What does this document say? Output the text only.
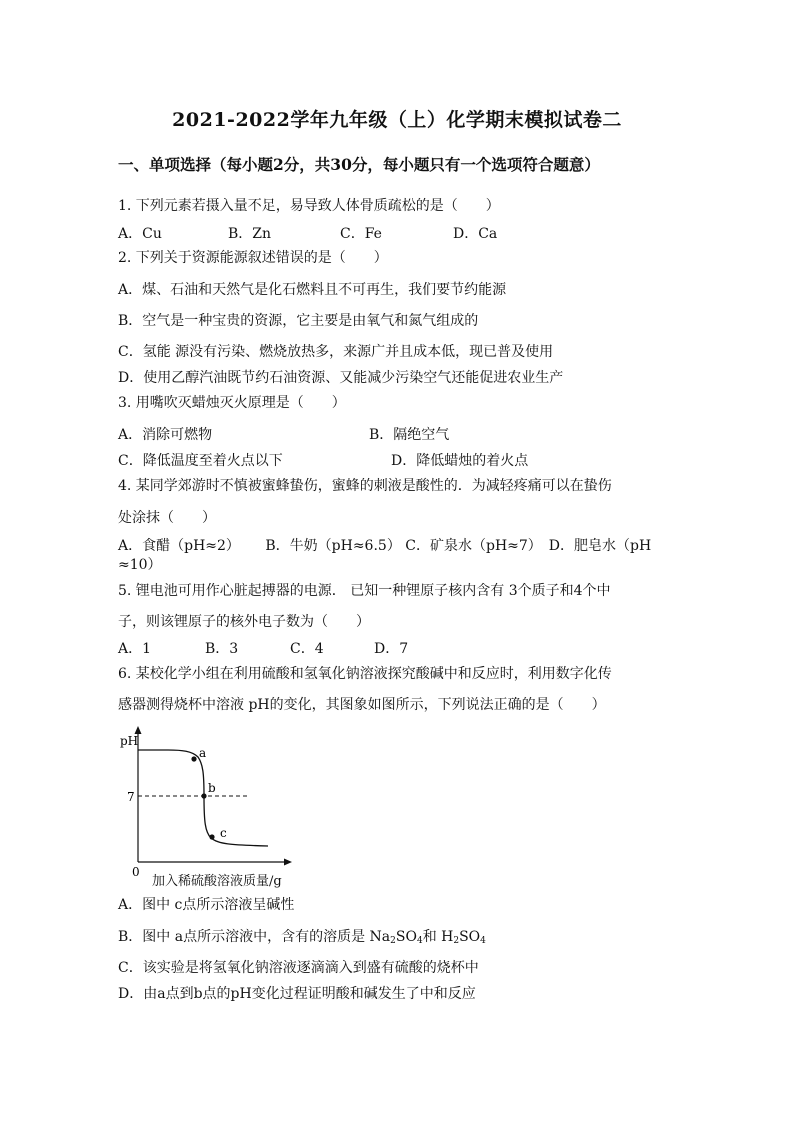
2021-2022学年九年级（上）化学期末模拟试卷二
一、单项选择（每小题2分，共30分，每小题只有一个选项符合题意）
1. 下列元素若摄入量不足，易导致人体骨质疏松的是（　　）
A．Cu	B．Zn	C．Fe	D．Ca
2. 下列关于资源能源叙述错误的是（　　）
A．煤、石油和天然气是化石燃料且不可再生，我们要节约能源
B．空气是一种宝贵的资源，它主要是由氧气和氮气组成的
C．氢能 源没有污染、燃烧放热多，来源广并且成本低，现已普及使用
D．使用乙醇汽油既节约石油资源、又能减少污染空气还能促进农业生产
3. 用嘴吹灭蜡烛灭火原理是（　　）
A．消除可燃物	B．隔绝空气
C．降低温度至着火点以下	D．降低蜡烛的着火点
4. 某同学郊游时不慎被蜜蜂蛰伤，蜜蜂的刺液是酸性的．为减轻疼痛可以在蛰伤
处涂抹（　　）
A．食醋（pH≈2）　　 B．牛奶（pH≈6.5） C．矿泉水（pH≈7）　D．肥皂水（pH
≈10）
5. 锂电池可用作心脏起搏器的电源． 已知一种锂原子核内含有 3个质子和4个中
子，则该锂原子的核外电子数为（　　）
A．1	B．3	C．4	D．7
6. 某校化学小组在利用硫酸和氢氧化钠溶液探究酸碱中和反应时，利用数字化传
感器测得烧杯中溶液 pH的变化，其图象如图所示，下列说法正确的是（　　）
pH
0
7
a
b
c
加入稀硫酸溶液质量/g
A．图中 c点所示溶液呈碱性
B．图中 a点所示溶液中，含有的溶质是 $Na_2SO_4$和 $H_2SO_4$
C．该实验是将氢氧化钠溶液逐滴滴入到盛有硫酸的烧杯中
D．由a点到b点的pH变化过程证明酸和碱发生了中和反应
